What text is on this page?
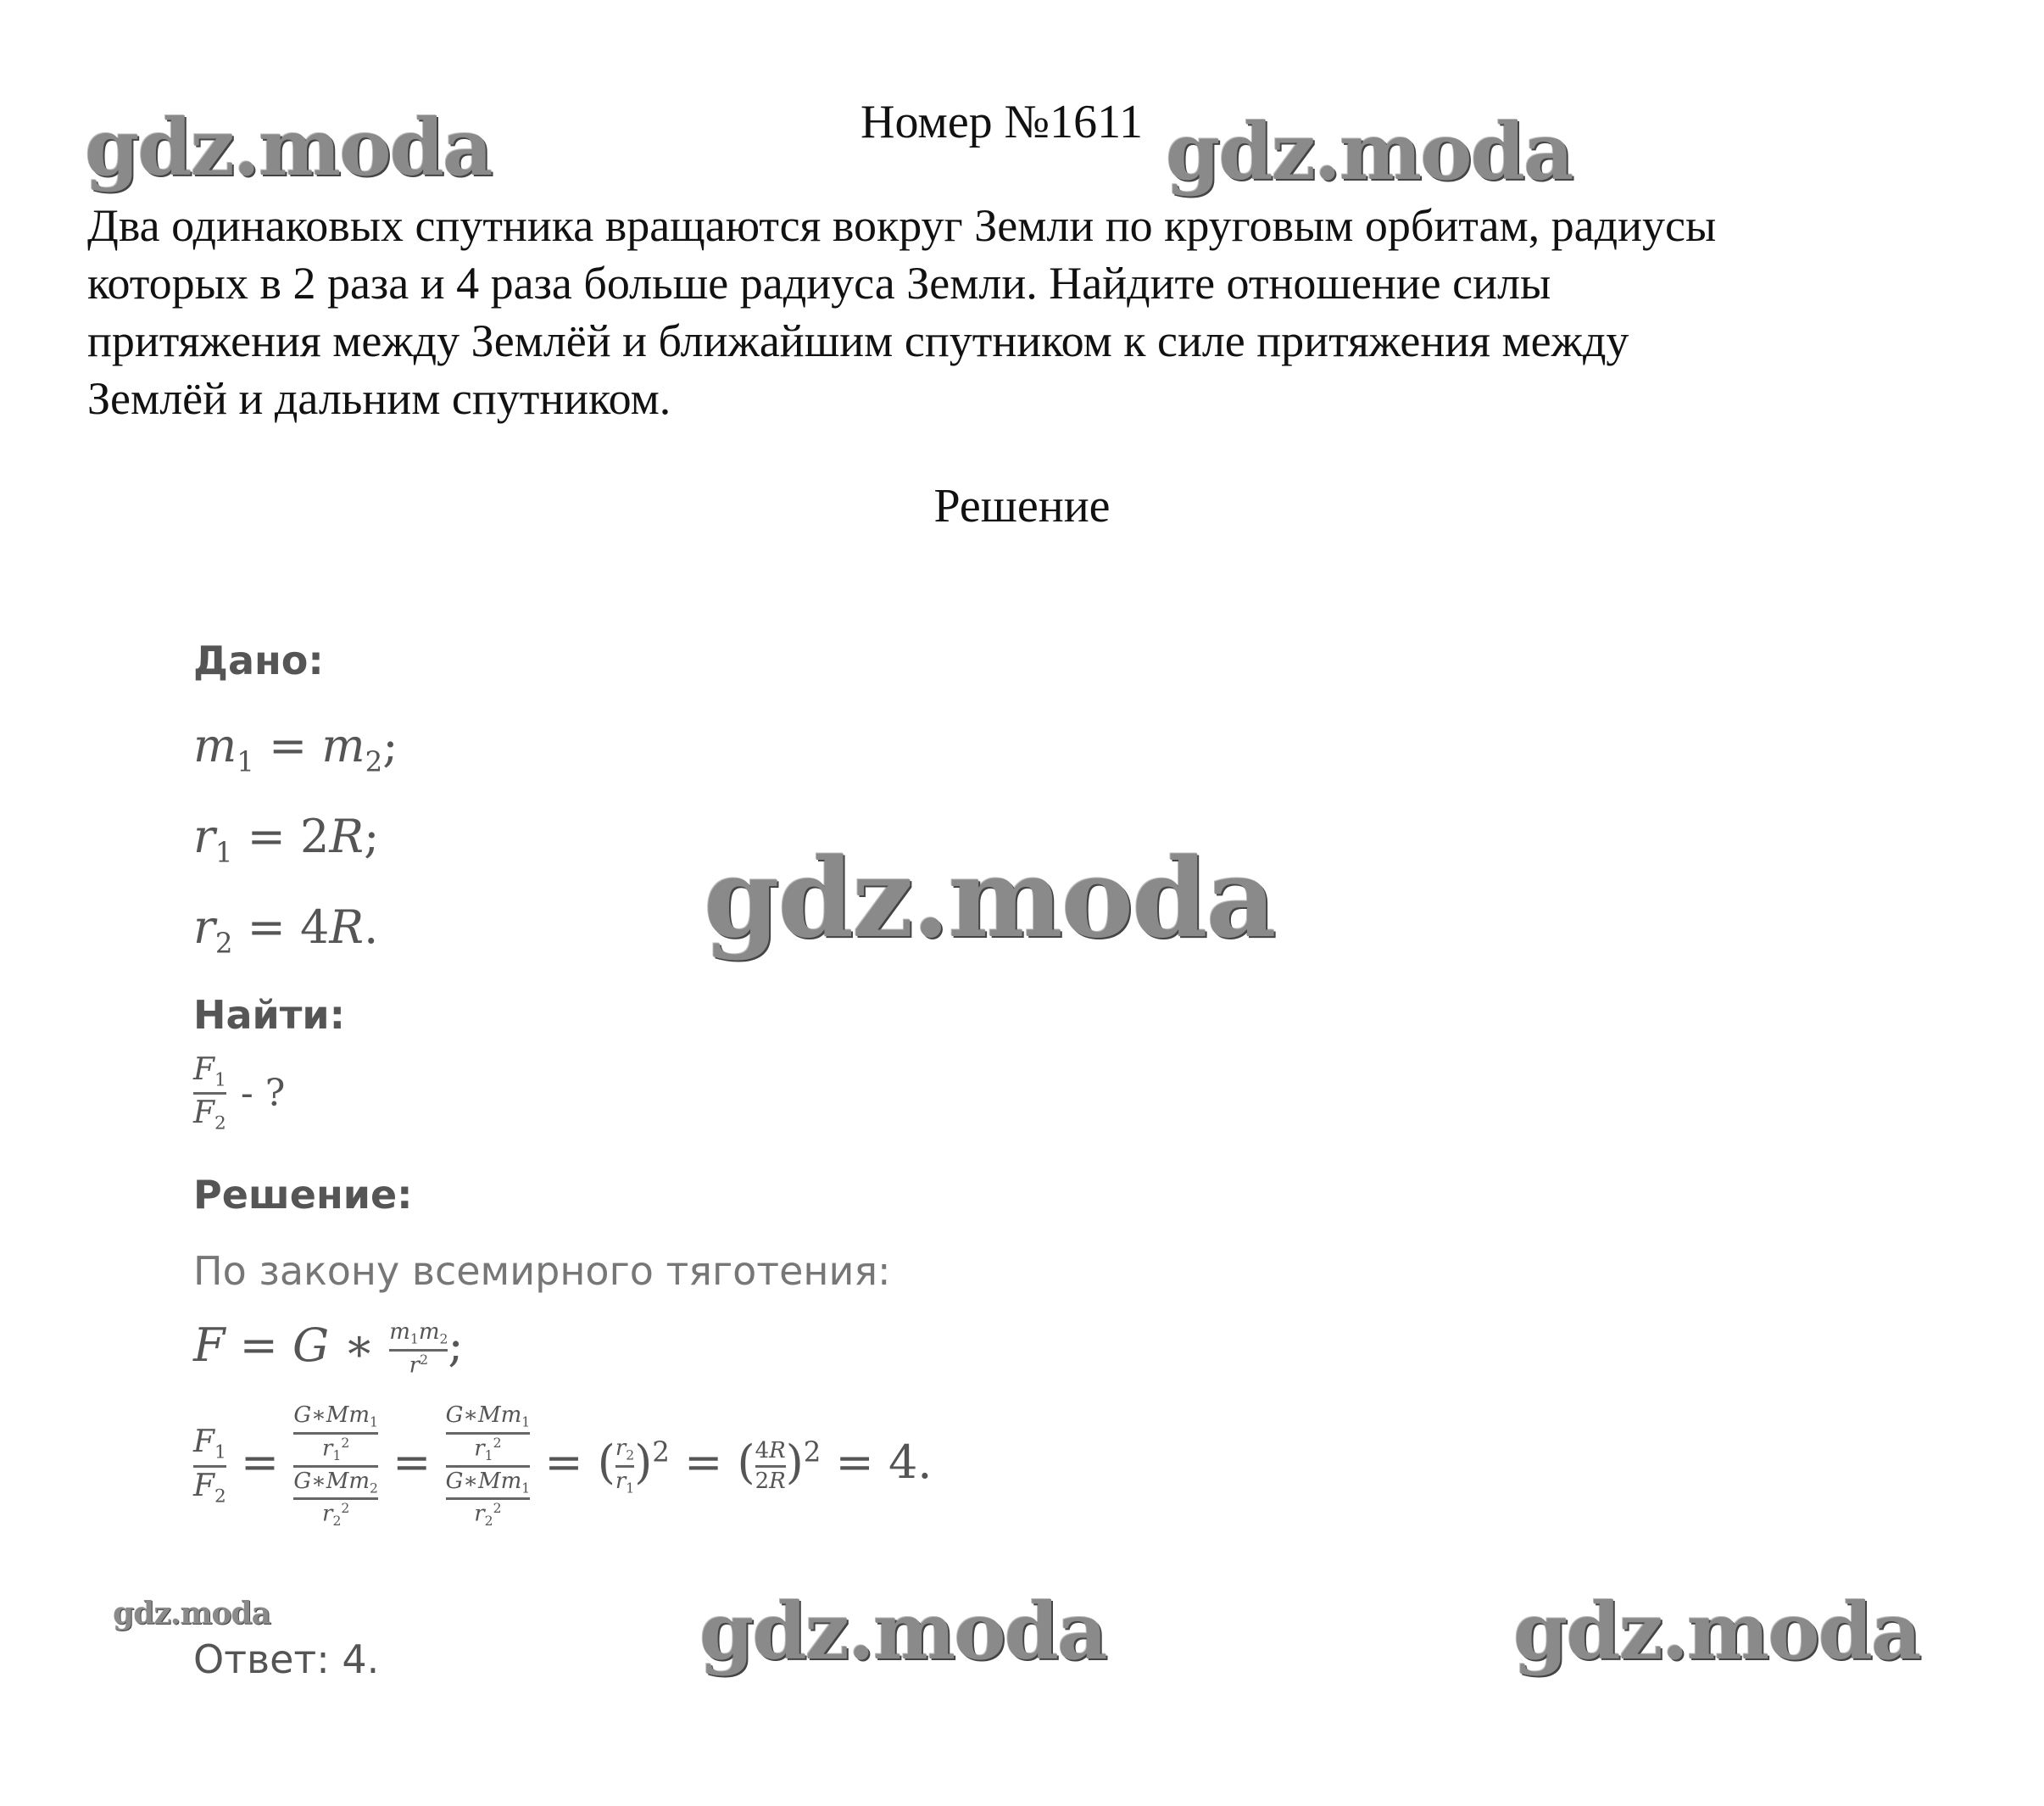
gdz.moda	gdz.moda
gdz.moda
gdz.moda	gdz.moda	gdz.moda
Номер №1611
Два одинаковых спутника вращаются вокруг Земли по круговым орбитам, радиусы
которых в 2 раза и 4 раза больше радиуса Земли. Найдите отношение силы
притяжения между Землёй и ближайшим спутником к силе притяжения между
Землёй и дальним спутником.
Решение
Дано:
$m_1 = m_2$;
$r_1 = 2R$;
$r_2 = 4R$.
Найти:
$\frac{F_1}{F_2}$ - ?
Решение:
По закону всемирного тяготения:
F = G ∗ $\frac{m_1m_2}{r^2}$ ;
$\frac{F_1}{F_2} = \frac{\frac{G∗Mm_1}{r_1^2}}{\frac{G∗Mm_2}{r_2^2}} = \frac{\frac{G∗Mm_1}{r_1^2}}{\frac{G∗Mm_1}{r_2^2}}$ = ( $\frac{r_2}{r_1} )^2$ = ( $\frac{4R}{2R} )^2 = 4$.
Ответ: 4.
